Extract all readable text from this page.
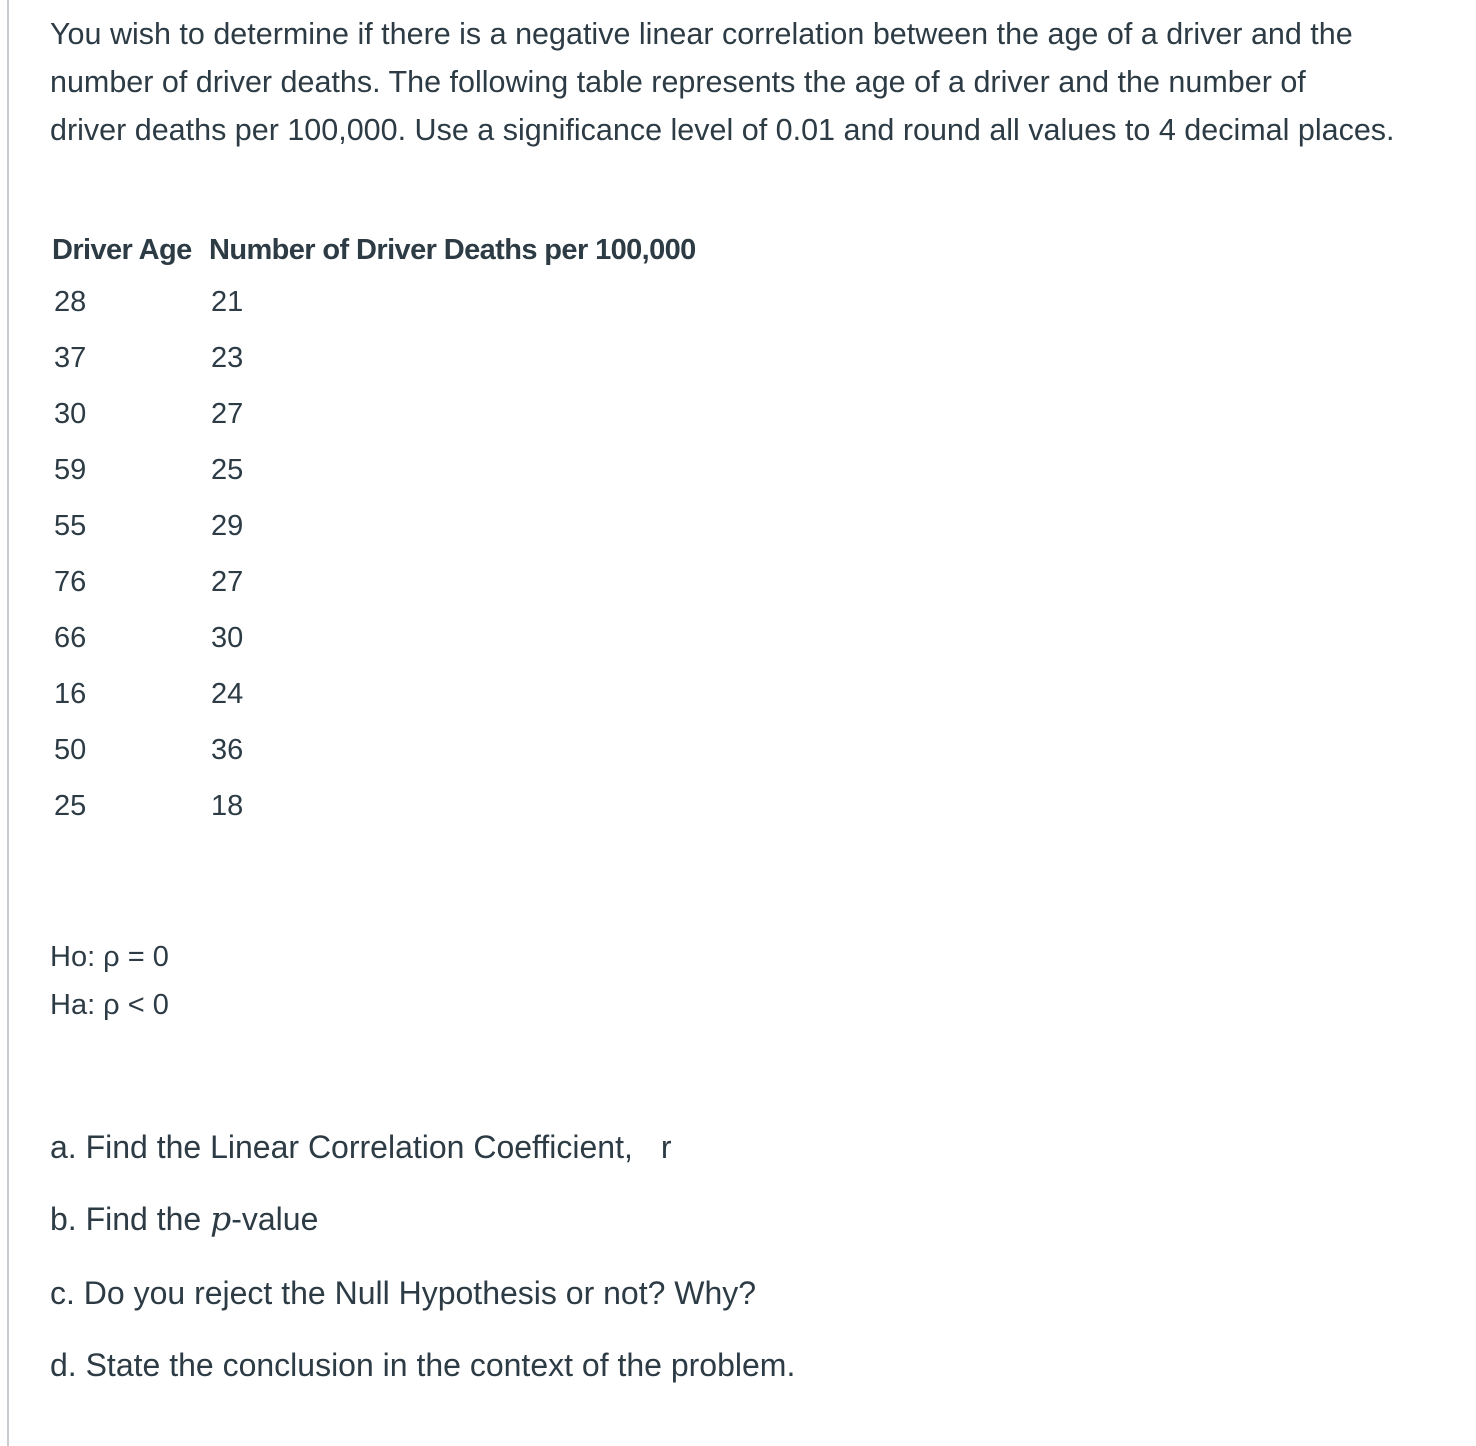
You wish to determine if there is a negative linear correlation between the age of a driver and the
number of driver deaths. The following table represents the age of a driver and the number of
driver deaths per 100,000. Use a significance level of 0.01 and round all values to 4 decimal places.

Driver Age	Number of Driver Deaths per 100,000
28	21
37	23
30	27
59	25
55	29
76	27
66	30
16	24
50	36
25	18
Ho: ρ = 0
Ha: ρ < 0
a. Find the Linear Correlation Coefficient, r
b. Find the p-value
c. Do you reject the Null Hypothesis or not? Why?
d. State the conclusion in the context of the problem.
